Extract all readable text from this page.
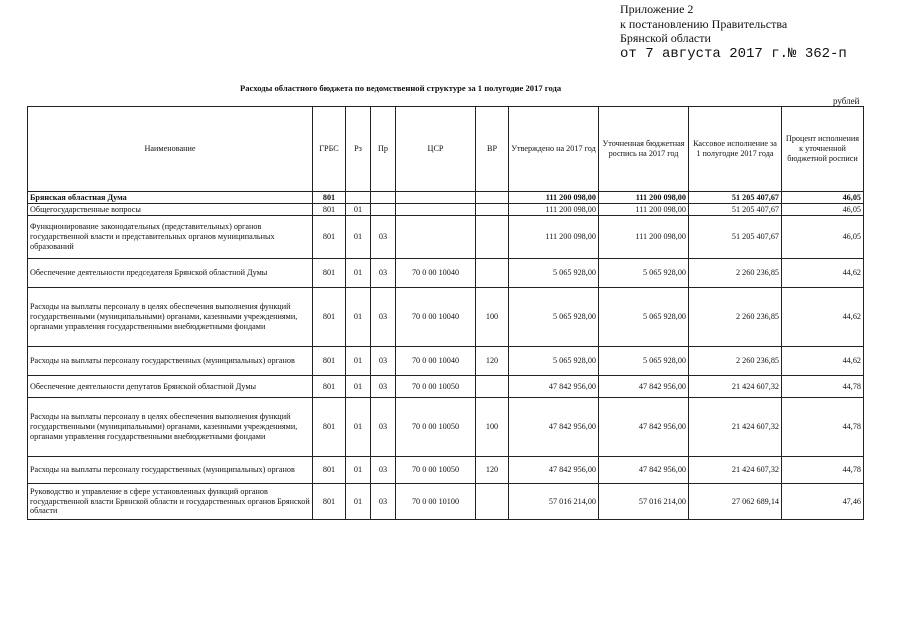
Приложение 2
к постановлению Правительства
Брянской области
от 7 августа 2017 г.№ 362-п
Расходы областного бюджета по ведомственной структуре за 1 полугодие 2017 года
рублей
Наименование	ГРБС	Рз	Пр	ЦСР	ВР	Утверждено на 2017 год	Уточненная бюджетная роспись на 2017 год	Кассовое исполнение за 1 полугодие 2017 года	Процент исполнения к уточненной бюджетной росписи
Брянская областная Дума	801					111 200 098,00	111 200 098,00	51 205 407,67	46,05
Общегосударственные вопросы	801	01				111 200 098,00	111 200 098,00	51 205 407,67	46,05
Функционирование законодательных (представительных) органов государственной власти и представительных органов муниципальных образований	801	01	03			111 200 098,00	111 200 098,00	51 205 407,67	46,05
Обеспечение деятельности председателя Брянской областной Думы	801	01	03	70 0 00 10040		5 065 928,00	5 065 928,00	2 260 236,85	44,62
Расходы на выплаты персоналу в целях обеспечения выполнения функций государственными (муниципальными) органами, казенными учреждениями, органами управления государственными внебюджетными фондами	801	01	03	70 0 00 10040	100	5 065 928,00	5 065 928,00	2 260 236,85	44,62
Расходы на выплаты персоналу государственных (муниципальных) органов	801	01	03	70 0 00 10040	120	5 065 928,00	5 065 928,00	2 260 236,85	44,62
Обеспечение деятельности депутатов Брянской областной Думы	801	01	03	70 0 00 10050		47 842 956,00	47 842 956,00	21 424 607,32	44,78
Расходы на выплаты персоналу в целях обеспечения выполнения функций государственными (муниципальными) органами, казенными учреждениями, органами управления государственными внебюджетными фондами	801	01	03	70 0 00 10050	100	47 842 956,00	47 842 956,00	21 424 607,32	44,78
Расходы на выплаты персоналу государственных (муниципальных) органов	801	01	03	70 0 00 10050	120	47 842 956,00	47 842 956,00	21 424 607,32	44,78
Руководство и управление в сфере установленных функций органов государственной власти Брянской области и государственных органов Брянской области	801	01	03	70 0 00 10100		57 016 214,00	57 016 214,00	27 062 689,14	47,46
